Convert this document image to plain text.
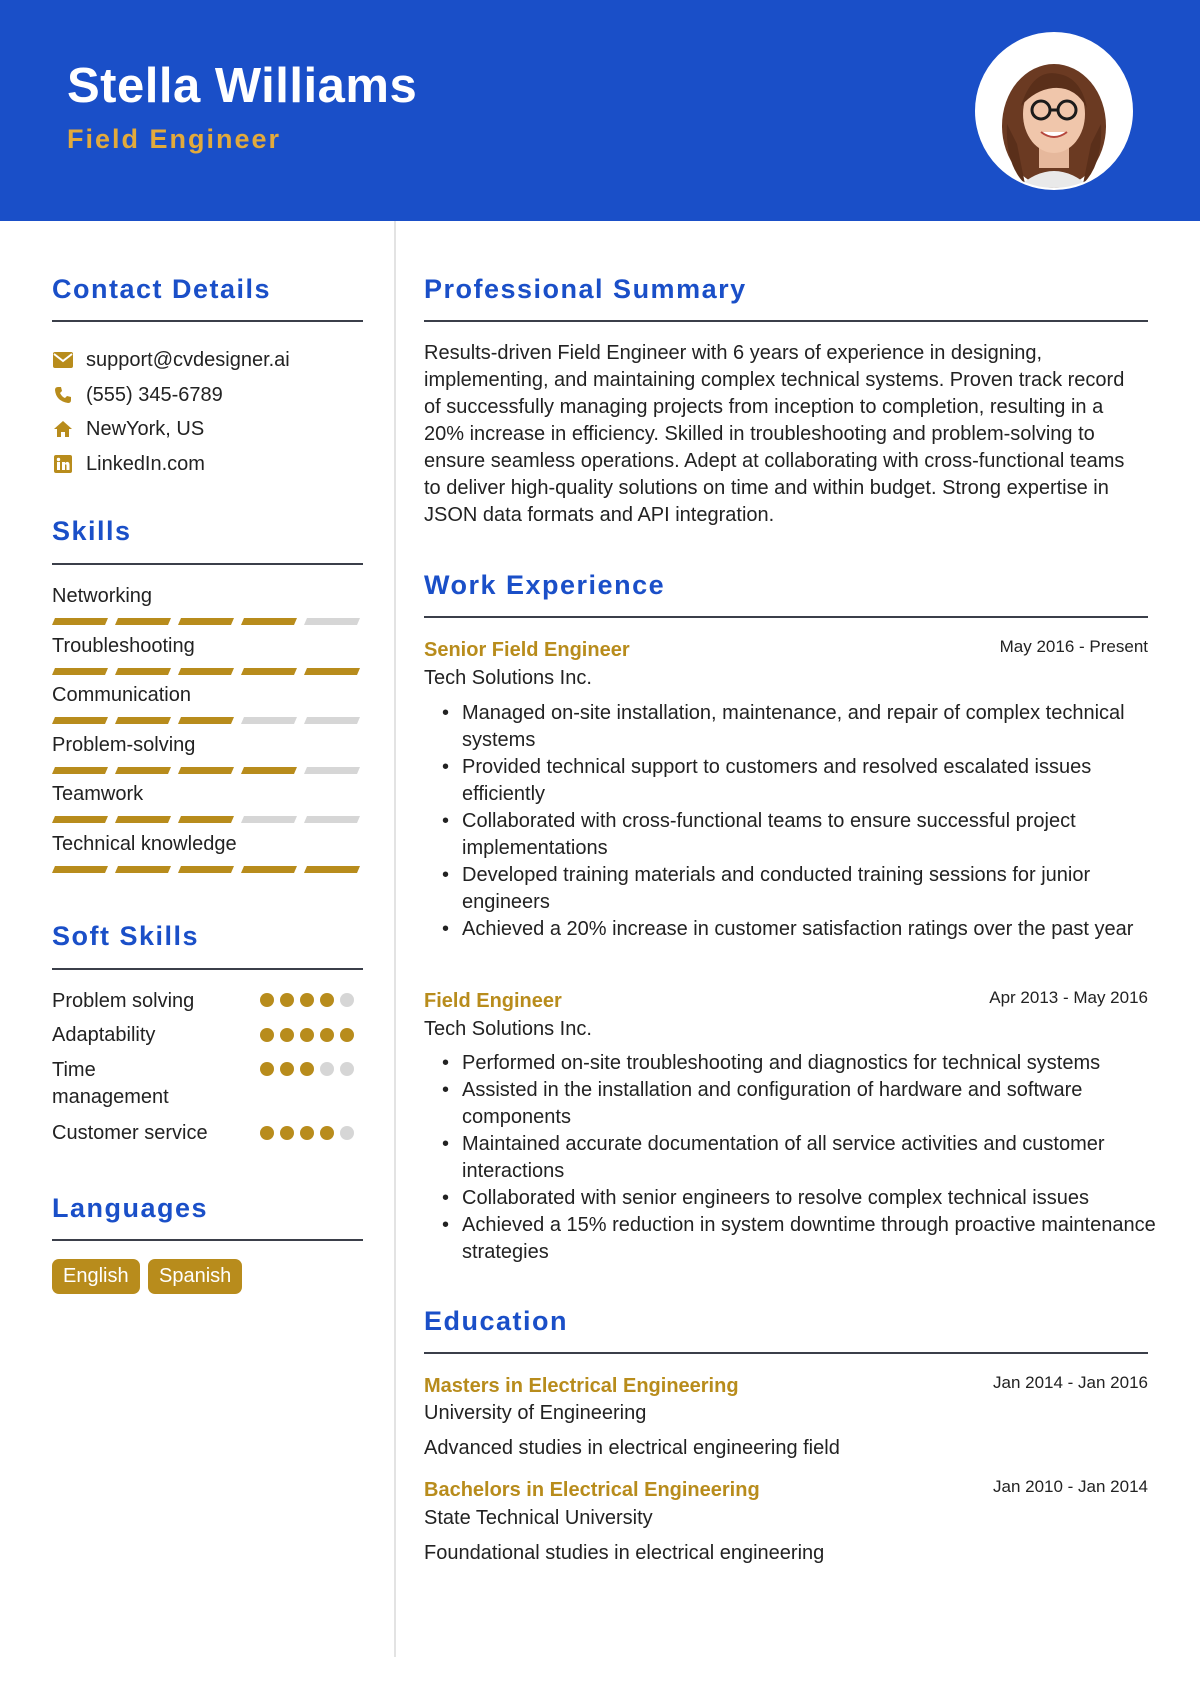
Stella Williams
Field Engineer
Contact Details
support@cvdesigner.ai
(555) 345-6789
NewYork, US
LinkedIn.com
Skills
Networking
Troubleshooting
Communication
Problem-solving
Teamwork
Technical knowledge
Soft Skills
Problem solving
Adaptability
Time management
Customer service
Languages
English	Spanish
Professional Summary
Results-driven Field Engineer with 6 years of experience in designing, implementing, and maintaining complex technical systems. Proven track record of successfully managing projects from inception to completion, resulting in a 20% increase in efficiency. Skilled in troubleshooting and problem-solving to ensure seamless operations. Adept at collaborating with cross-functional teams to deliver high-quality solutions on time and within budget. Strong expertise in JSON data formats and API integration.
Work Experience
Senior Field Engineer	May 2016 - Present
Tech Solutions Inc.
• Managed on-site installation, maintenance, and repair of complex technical systems
• Provided technical support to customers and resolved escalated issues efficiently
• Collaborated with cross-functional teams to ensure successful project implementations
• Developed training materials and conducted training sessions for junior engineers
• Achieved a 20% increase in customer satisfaction ratings over the past year
Field Engineer	Apr 2013 - May 2016
Tech Solutions Inc.
• Performed on-site troubleshooting and diagnostics for technical systems
• Assisted in the installation and configuration of hardware and software components
• Maintained accurate documentation of all service activities and customer interactions
• Collaborated with senior engineers to resolve complex technical issues
• Achieved a 15% reduction in system downtime through proactive maintenance strategies
Education
Masters in Electrical Engineering	Jan 2014 - Jan 2016
University of Engineering
Advanced studies in electrical engineering field
Bachelors in Electrical Engineering	Jan 2010 - Jan 2014
State Technical University
Foundational studies in electrical engineering
